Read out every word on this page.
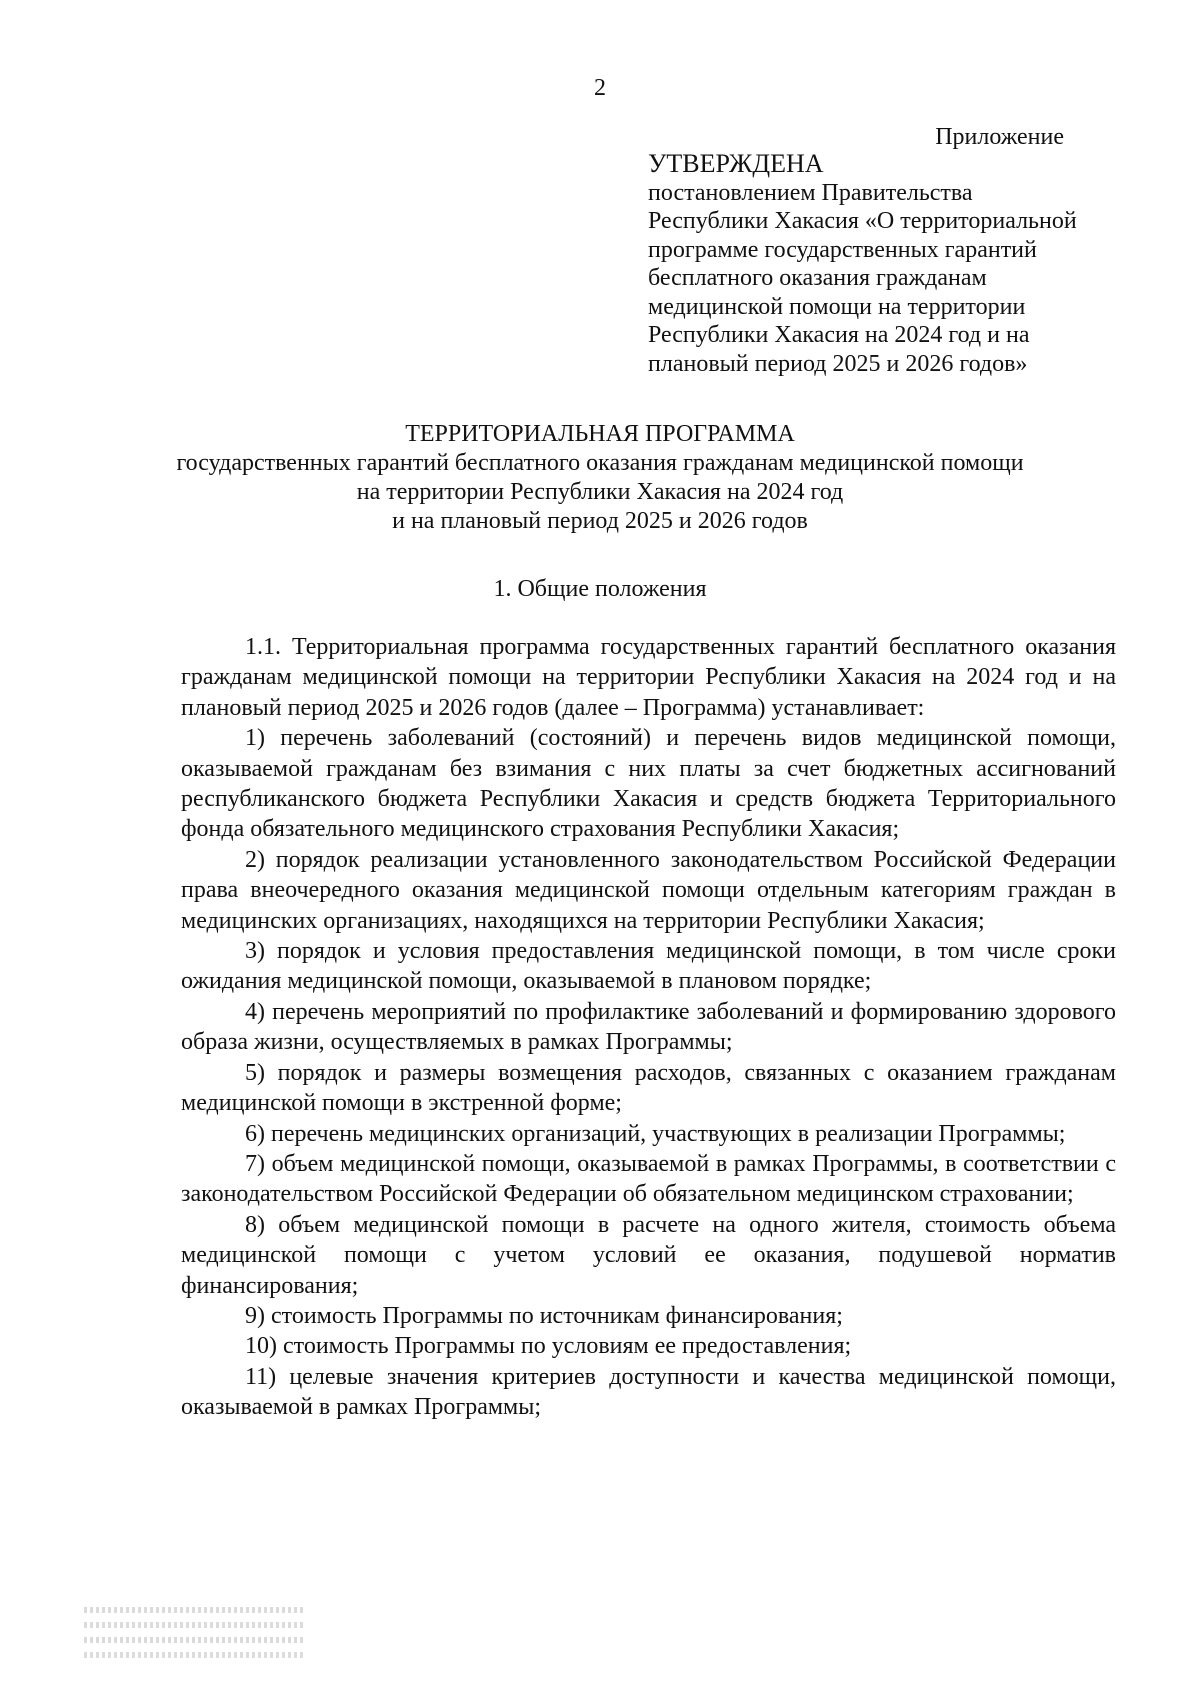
2
Приложение
УТВЕРЖДЕНА
постановлением Правительства
Республики Хакасия «О территориальной
программе государственных гарантий
бесплатного оказания гражданам
медицинской помощи на территории
Республики Хакасия на 2024 год и на
плановый период 2025 и 2026 годов»
ТЕРРИТОРИАЛЬНАЯ ПРОГРАММА
государственных гарантий бесплатного оказания гражданам медицинской помощи
на территории Республики Хакасия на 2024 год
и на плановый период 2025 и 2026 годов
1. Общие положения

1.1. Территориальная программа государственных гарантий бесплатного оказания гражданам медицинской помощи на территории Республики Хакасия на 2024 год и на плановый период 2025 и 2026 годов (далее – Программа) устанавливает:

1) перечень заболеваний (состояний) и перечень видов медицинской помощи, оказываемой гражданам без взимания с них платы за счет бюджетных ассигнований республиканского бюджета Республики Хакасия и средств бюджета Территориального фонда обязательного медицинского страхования Республики Хакасия;

2) порядок реализации установленного законодательством Российской Федерации права внеочередного оказания медицинской помощи отдельным категориям граждан в медицинских организациях, находящихся на территории Республики Хакасия;

3) порядок и условия предоставления медицинской помощи, в том числе сроки ожидания медицинской помощи, оказываемой в плановом порядке;

4) перечень мероприятий по профилактике заболеваний и формированию здорового образа жизни, осуществляемых в рамках Программы;

5) порядок и размеры возмещения расходов, связанных с оказанием гражданам медицинской помощи в экстренной форме;

6) перечень медицинских организаций, участвующих в реализации Программы;

7) объем медицинской помощи, оказываемой в рамках Программы, в соответствии с законодательством Российской Федерации об обязательном медицинском страховании;

8) объем медицинской помощи в расчете на одного жителя, стоимость объема медицинской помощи с учетом условий ее оказания, подушевой норматив финансирования;

9) стоимость Программы по источникам финансирования;

10) стоимость Программы по условиям ее предоставления;

11) целевые значения критериев доступности и качества медицинской помощи, оказываемой в рамках Программы;
